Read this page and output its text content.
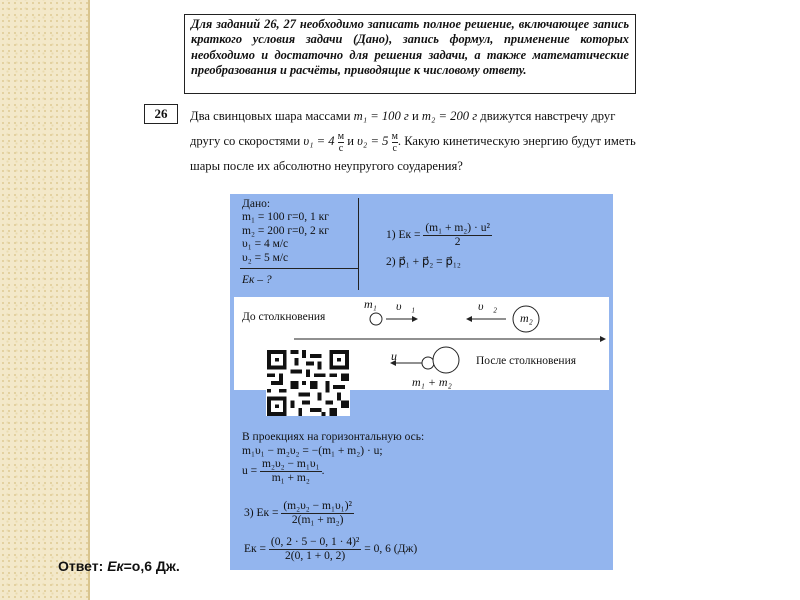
Для заданий 26, 27 необходимо записать полное решение, включающее запись краткого условия задачи (Дано), запись формул, применение которых необходимо и достаточно для решения задачи, а также математические преобразования и расчёты, приводящие к числовому ответу.
26	Два свинцовых шара массами m₁ = 100 г и m₂ = 200 г движутся навстречу друг другу со скоростями $\upsilon_1 = 4 \frac{м}{с}$ и $\upsilon_2 = 5 \frac{м}{с}$ . Какую кинетическую энергию будут иметь шары после их абсолютно неупругого соударения?
Дано:
m₁ = 100 г=0, 1 кг
m₂ = 200 г=0, 2 кг
υ₁ = 4 м/с
υ₂ = 5 м/с
Eк – ?
1) Eк = $\frac{\text{(m₁ + m₂) · u²}}{2}$
2) p⃗₁ + p⃗₂ = p⃗₁₂
До столкновения
После столкновения
m₁ υ⃗₁	υ⃗₂
m₂
u⃗
m₁ + m₂
В проекциях на горизонтальную ось:
m₁υ₁ − m₂υ₂ = −(m₁ + m₂) · u;
$u = \frac{\text{m₂υ₂ − m₁υ₁}}{\text{m₁ + m₂}}$ .
3) Eк = $\frac{\text{(m₂υ₂ − m₁υ₁)²}}{\text{2(m₁ + m₂)}}$
Eк = $\frac{\text{(0, 2 · 5 − 0, 1 · 4)²}}{2(0, 1 + 0, 2)} = 0$, 6 (Дж)
Ответ: Eк=о,6 Дж.
